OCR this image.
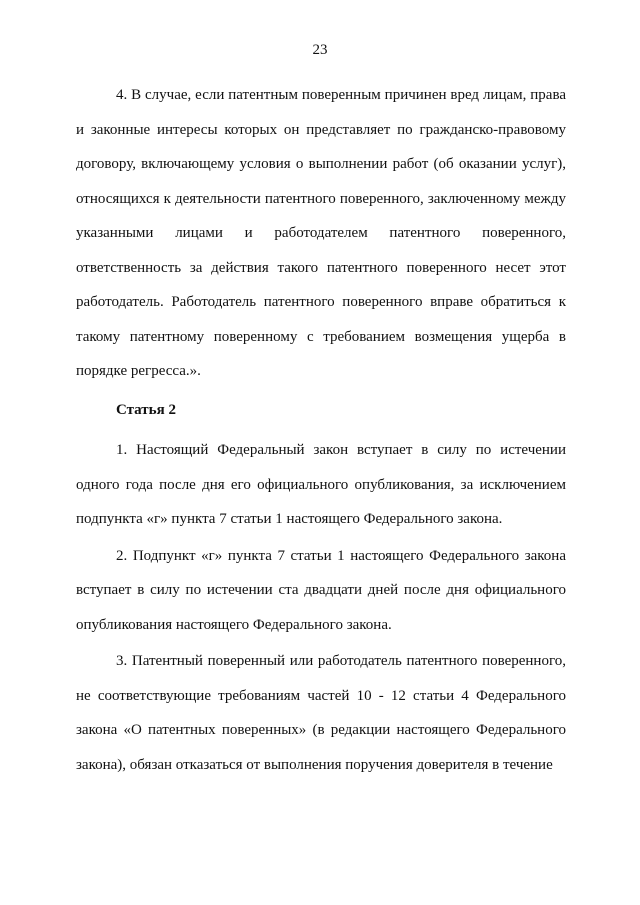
23

4. В случае, если патентным поверенным причинен вред лицам, права и законные интересы которых он представляет по гражданско-правовому договору, включающему условия о выполнении работ (об оказании услуг), относящихся к деятельности патентного поверенного, заключенному между указанными лицами и работодателем патентного поверенного, ответственность за действия такого патентного поверенного несет этот работодатель. Работодатель патентного поверенного вправе обратиться к такому патентному поверенному с требованием возмещения ущерба в порядке регресса.».

Статья 2

1. Настоящий Федеральный закон вступает в силу по истечении одного года после дня его официального опубликования, за исключением подпункта «г» пункта 7 статьи 1 настоящего Федерального закона.

2. Подпункт «г» пункта 7 статьи 1 настоящего Федерального закона вступает в силу по истечении ста двадцати дней после дня официального опубликования настоящего Федерального закона.

3. Патентный поверенный или работодатель патентного поверенного, не соответствующие требованиям частей 10 - 12 статьи 4 Федерального закона «О патентных поверенных» (в редакции настоящего Федерального закона), обязан отказаться от выполнения поручения доверителя в течение
